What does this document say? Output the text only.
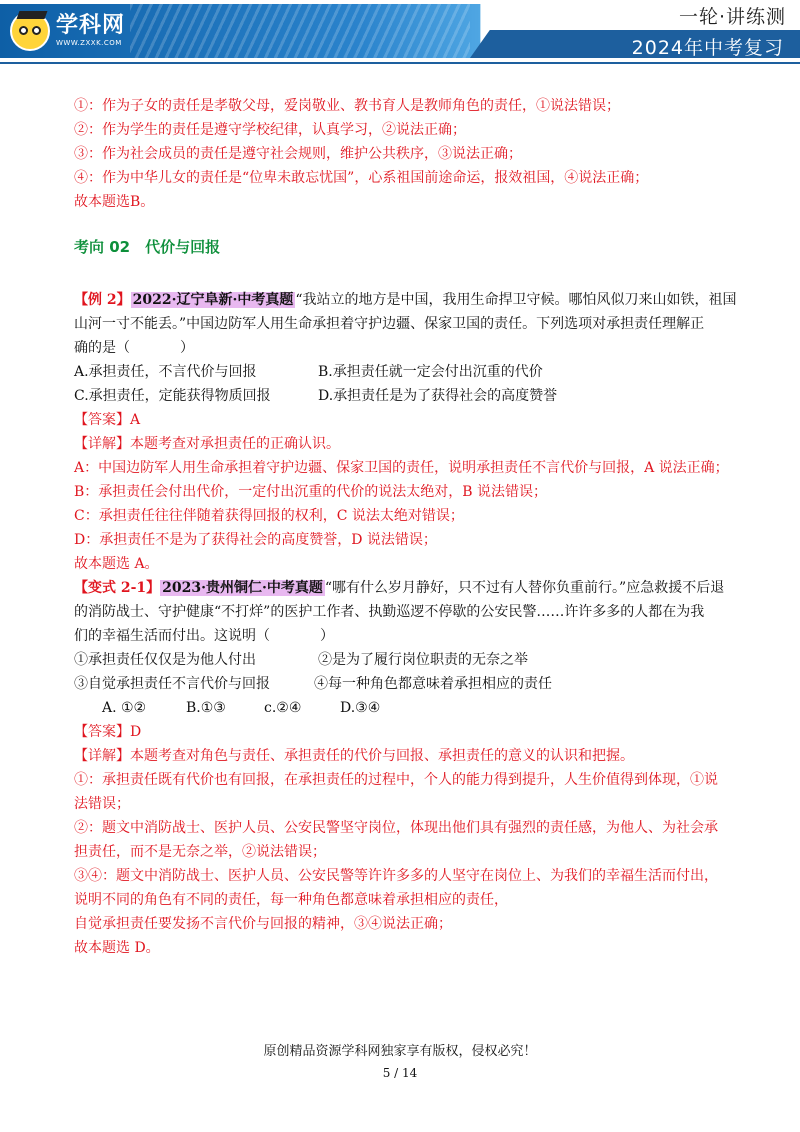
学科网
WWW.ZXXK.COM
一轮·讲练测
2024年中考复习
①：作为子女的责任是孝敬父母，爱岗敬业、教书育人是教师角色的责任，①说法错误；
②：作为学生的责任是遵守学校纪律，认真学习，②说法正确；
③：作为社会成员的责任是遵守社会规则，维护公共秩序，③说法正确；
④：作为中华儿女的责任是“位卑未敢忘忧国”，心系祖国前途命运，报效祖国，④说法正确；
故本题选B。
考向 02　代价与回报
【例 2】 2022·辽宁阜新·中考真题 “我站立的地方是中国，我用生命捍卫守候。哪怕风似刀来山如铁，祖国
山河一寸不能丢。”中国边防军人用生命承担着守护边疆、保家卫国的责任。下列选项对承担责任理解正
确的是（	）
A.承担责任，不言代价与回报	B.承担责任就一定会付出沉重的代价
C.承担责任，定能获得物质回报	D.承担责任是为了获得社会的高度赞誉
【答案】A
【详解】本题考查对承担责任的正确认识。
A：中国边防军人用生命承担着守护边疆、保家卫国的责任，说明承担责任不言代价与回报，A 说法正确；
B：承担责任会付出代价，一定付出沉重的代价的说法太绝对，B 说法错误；
C：承担责任往往伴随着获得回报的权利，C 说法太绝对错误；
D：承担责任不是为了获得社会的高度赞誉，D 说法错误；
故本题选 A。
【变式 2-1】 2023·贵州铜仁·中考真题 “哪有什么岁月静好，只不过有人替你负重前行。”应急救援不后退
的消防战士、守护健康“不打烊”的医护工作者、执勤巡逻不停歇的公安民警……许许多多的人都在为我
们的幸福生活而付出。这说明（	）
①承担责任仅仅是为他人付出	②是为了履行岗位职责的无奈之举
③自觉承担责任不言代价与回报	④每一种角色都意味着承担相应的责任
A. ①②	B.①③	c.②④	D.③④
【答案】D
【详解】本题考查对角色与责任、承担责任的代价与回报、承担责任的意义的认识和把握。
①：承担责任既有代价也有回报，在承担责任的过程中，个人的能力得到提升，人生价值得到体现，①说
法错误；
②：题文中消防战士、医护人员、公安民警坚守岗位，体现出他们具有强烈的责任感，为他人、为社会承
担责任，而不是无奈之举，②说法错误；
③④：题文中消防战士、医护人员、公安民警等许许多多的人坚守在岗位上、为我们的幸福生活而付出，
说明不同的角色有不同的责任，每一种角色都意味着承担相应的责任，
自觉承担责任要发扬不言代价与回报的精神，③④说法正确；
故本题选 D。
原创精品资源学科网独家享有版权，侵权必究！
5 / 14
